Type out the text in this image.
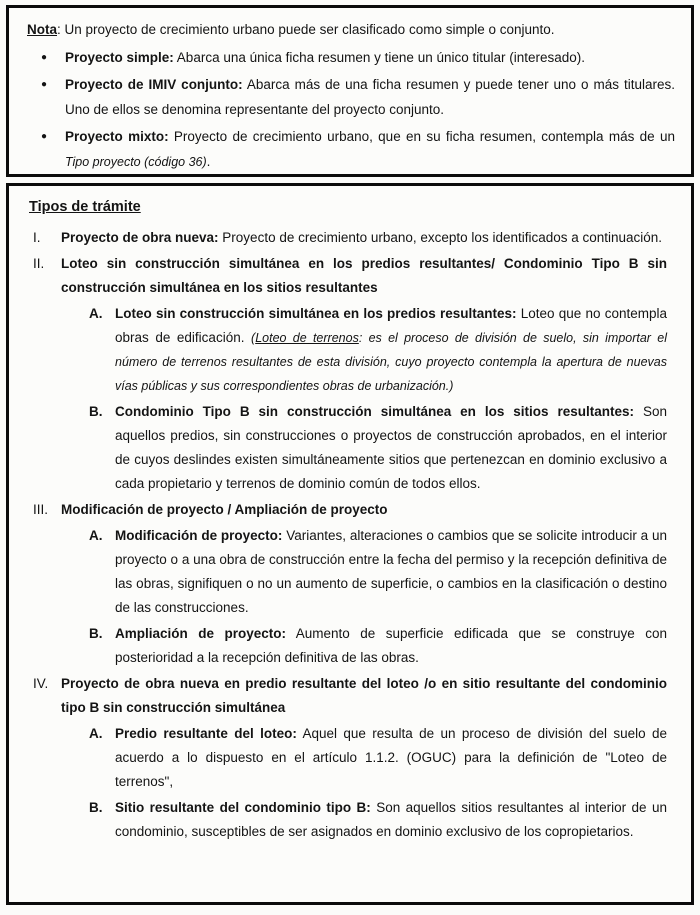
Nota: Un proyecto de crecimiento urbano puede ser clasificado como simple o conjunto.

●	Proyecto simple: Abarca una única ficha resumen y tiene un único titular (interesado).

●	Proyecto de IMIV conjunto: Abarca más de una ficha resumen y puede tener uno o más titulares. Uno de ellos se denomina representante del proyecto conjunto.

●	Proyecto mixto: Proyecto de crecimiento urbano, que en su ficha resumen, contempla más de un Tipo proyecto (código 36).

Tipos de trámite
I.	Proyecto de obra nueva: Proyecto de crecimiento urbano, excepto los identificados a continuación.

II.	Loteo sin construcción simultánea en los predios resultantes/ Condominio Tipo B sin construcción simultánea en los sitios resultantes

A. Loteo sin construcción simultánea en los predios resultantes: Loteo que no contempla obras de edificación. (Loteo de terrenos: es el proceso de división de suelo, sin importar el número de terrenos resultantes de esta división, cuyo proyecto contempla la apertura de nuevas vías públicas y sus correspondientes obras de urbanización.)

B. Condominio Tipo B sin construcción simultánea en los sitios resultantes: Son aquellos predios, sin construcciones o proyectos de construcción aprobados, en el interior de cuyos deslindes existen simultáneamente sitios que pertenezcan en dominio exclusivo a cada propietario y terrenos de dominio común de todos ellos.

III. Modificación de proyecto / Ampliación de proyecto

A. Modificación de proyecto: Variantes, alteraciones o cambios que se solicite introducir a un proyecto o a una obra de construcción entre la fecha del permiso y la recepción definitiva de las obras, signifiquen o no un aumento de superficie, o cambios en la clasificación o destino de las construcciones.

B. Ampliación de proyecto: Aumento de superficie edificada que se construye con posterioridad a la recepción definitiva de las obras.

IV. Proyecto de obra nueva en predio resultante del loteo /o en sitio resultante del condominio tipo B sin construcción simultánea

A. Predio resultante del loteo: Aquel que resulta de un proceso de división del suelo de acuerdo a lo dispuesto en el artículo 1.1.2. (OGUC) para la definición de "Loteo de terrenos",

B. Sitio resultante del condominio tipo B: Son aquellos sitios resultantes al interior de un condominio, susceptibles de ser asignados en dominio exclusivo de los copropietarios.
